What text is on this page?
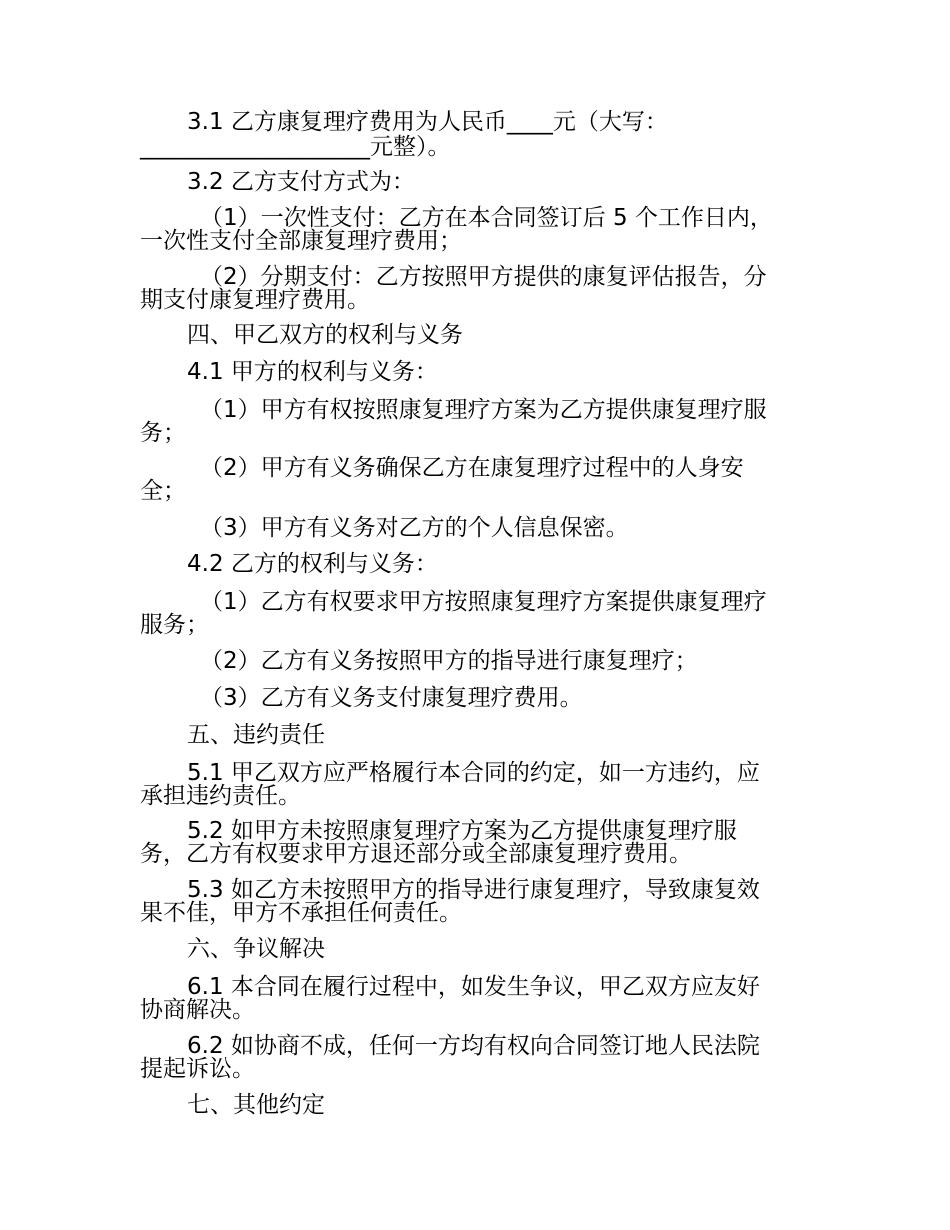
3.1 乙方康复理疗费用为人民币____元（大写：
____________________元整）。
3.2 乙方支付方式为：
（1）一次性支付：乙方在本合同签订后 5 个工作日内，
一次性支付全部康复理疗费用；
（2）分期支付：乙方按照甲方提供的康复评估报告，分
期支付康复理疗费用。
四、甲乙双方的权利与义务
4.1 甲方的权利与义务：
（1）甲方有权按照康复理疗方案为乙方提供康复理疗服
务；
（2）甲方有义务确保乙方在康复理疗过程中的人身安
全；
（3）甲方有义务对乙方的个人信息保密。
4.2 乙方的权利与义务：
（1）乙方有权要求甲方按照康复理疗方案提供康复理疗
服务；
（2）乙方有义务按照甲方的指导进行康复理疗；
（3）乙方有义务支付康复理疗费用。
五、违约责任
5.1 甲乙双方应严格履行本合同的约定，如一方违约，应
承担违约责任。
5.2 如甲方未按照康复理疗方案为乙方提供康复理疗服
务，乙方有权要求甲方退还部分或全部康复理疗费用。
5.3 如乙方未按照甲方的指导进行康复理疗，导致康复效
果不佳，甲方不承担任何责任。
六、争议解决
6.1 本合同在履行过程中，如发生争议，甲乙双方应友好
协商解决。
6.2 如协商不成，任何一方均有权向合同签订地人民法院
提起诉讼。
七、其他约定
